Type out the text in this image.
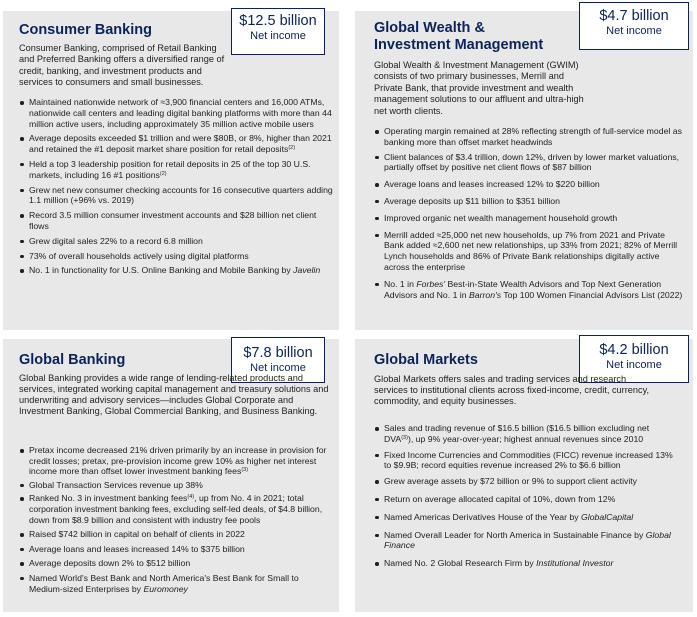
Consumer Banking
$12.5 billion
Net income

Consumer Banking, comprised of Retail Banking and Preferred Banking offers a diversified range of credit, banking, and investment products and services to consumers and small businesses.

Maintained nationwide network of ≈3,900 financial centers and 16,000 ATMs, nationwide call centers and leading digital banking platforms with more than 44 million active users, including approximately 35 million active mobile users
Average deposits exceeded $1 trillion and were $80B, or 8%, higher than 2021 and retained the #1 deposit market share position for retail deposits$^{(2)}$
Held a top 3 leadership position for retail deposits in 25 of the top 30 U.S. markets, including 16 #1 positions$^{(2)}$
Grew net new consumer checking accounts for 16 consecutive quarters adding 1.1 million (+96% vs. 2019)
Record 3.5 million consumer investment accounts and $28 billion net client flows
Grew digital sales 22% to a record 6.8 million
73% of overall households actively using digital platforms
No. 1 in functionality for U.S. Online Banking and Mobile Banking by Javelin
Global Wealth &
Investment Management
$4.7 billion
Net income

Global Wealth & Investment Management (GWIM) consists of two primary businesses, Merrill and Private Bank, that provide investment and wealth management solutions to our affluent and ultra-high net worth clients.

Operating margin remained at 28% reflecting strength of full-service model as banking more than offset market headwinds
Client balances of $3.4 trillion, down 12%, driven by lower market valuations, partially offset by positive net client flows of $87 billion
Average loans and leases increased 12% to $220 billion
Average deposits up $11 billion to $351 billion
Improved organic net wealth management household growth
Merrill added ≈25,000 net new households, up 7% from 2021 and Private Bank added ≈2,600 net new relationships, up 33% from 2021; 82% of Merrill Lynch households and 86% of Private Bank relationships digitally active across the enterprise
No. 1 in Forbes' Best-in-State Wealth Advisors and Top Next Generation Advisors and No. 1 in Barron's Top 100 Women Financial Advisors List (2022)
Global Banking	$7.8 billion
Net income

Global Banking provides a wide range of lending-related products and services, integrated working capital management and treasury solutions and underwriting and advisory services—includes Global Corporate and Investment Banking, Global Commercial Banking, and Business Banking.

Pretax income decreased 21% driven primarily by an increase in provision for credit losses; pretax, pre-provision income grew 10% as higher net interest income more than offset lower investment banking fees$^{(3)}$
Global Transaction Services revenue up 38%
Ranked No. 3 in investment banking fees$^{(4)}$, up from No. 4 in 2021; total corporation investment banking fees, excluding self-led deals, of $4.8 billion, down from $8.9 billion and consistent with industry fee pools
Raised $742 billion in capital on behalf of clients in 2022
Average loans and leases increased 14% to $375 billion
Average deposits down 2% to $512 billion
Named World's Best Bank and North America's Best Bank for Small to Medium-sized Enterprises by Euromoney
Global Markets
$4.2 billion
Net income

Global Markets offers sales and trading services and research services to institutional clients across fixed-income, credit, currency, commodity, and equity businesses.

Sales and trading revenue of $16.5 billion ($16.5 billion excluding net DVA$^{(3)}$), up 9% year-over-year; highest annual revenues since 2010
Fixed Income Currencies and Commodities (FICC) revenue increased 13% to $9.9B; record equities revenue increased 2% to $6.6 billion
Grew average assets by $72 billion or 9% to support client activity
Return on average allocated capital of 10%, down from 12%
Named Americas Derivatives House of the Year by GlobalCapital
Named Overall Leader for North America in Sustainable Finance by Global Finance
Named No. 2 Global Research Firm by Institutional Investor
